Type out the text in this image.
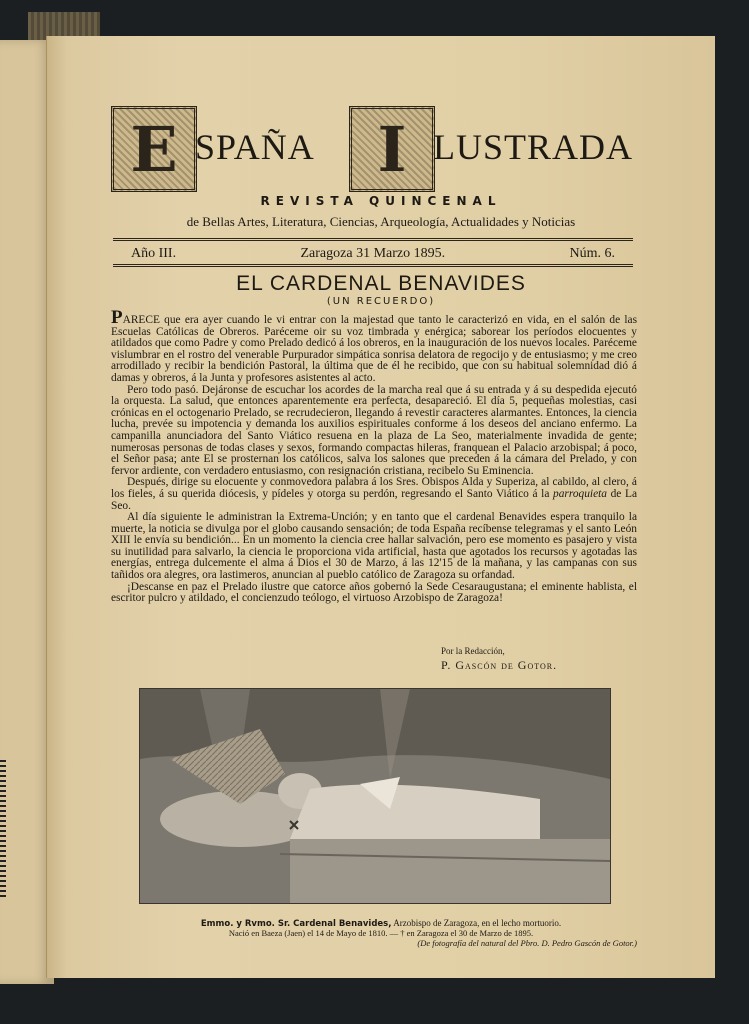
E SPAÑA	I LUSTRADA
REVISTA QUINCENAL
de Bellas Artes, Literatura, Ciencias, Arqueología, Actualidades y Noticias
Año III.	Zaragoza 31 Marzo 1895.	Núm. 6.
EL CARDENAL BENAVIDES
(UN RECUERDO)

PARECE que era ayer cuando le vi entrar con la majestad que tanto le caracterizó en vida, en el salón de las Escuelas Católicas de Obreros. Paréceme oir su voz timbrada y enérgica; saborear los períodos elocuentes y atildados que como Padre y como Prelado dedicó á los obreros, en la inauguración de los nuevos locales. Paréceme vislumbrar en el rostro del venerable Purpurador simpática sonrisa delatora de regocijo y de entusiasmo; y me creo arrodillado y recibir la bendición Pastoral, la última que de él he recibido, que con su habitual solemnidad dió á damas y obreros, á la Junta y profesores asistentes al acto.

Pero todo pasó. Dejáronse de escuchar los acordes de la marcha real que á su entrada y á su despedida ejecutó la orquesta. La salud, que entonces aparentemente era perfecta, desapareció. El día 5, pequeñas molestias, casi crónicas en el octogenario Prelado, se recrudecieron, llegando á revestir caracteres alarmantes. Entonces, la ciencia lucha, prevée su impotencia y demanda los auxilios espirituales conforme á los deseos del anciano enfermo. La campanilla anunciadora del Santo Viático resuena en la plaza de La Seo, materialmente invadida de gente; numerosas personas de todas clases y sexos, formando compactas hileras, franquean el Palacio arzobispal; á poco, el Señor pasa; ante El se prosternan los católicos, salva los salones que preceden á la cámara del Prelado, y con fervor ardiente, con verdadero entusiasmo, con resignación cristiana, recibelo Su Eminencia.

Después, dirige su elocuente y conmovedora palabra á los Sres. Obispos Alda y Superiza, al cabildo, al clero, á los fieles, á su querida diócesis, y pídeles y otorga su perdón, regresando el Santo Viático á la parroquieta de La Seo.

Al día siguiente le administran la Extrema-Unción; y en tanto que el cardenal Benavides espera tranquilo la muerte, la noticia se divulga por el globo causando sensación; de toda España recíbense telegramas y el santo León XIII le envía su bendición... En un momento la ciencia cree hallar salvación, pero ese momento es pasajero y vista su inutilidad para salvarlo, la ciencia le proporciona vida artificial, hasta que agotados los recursos y agotadas las energías, entrega dulcemente el alma á Dios el 30 de Marzo, á las 12'15 de la mañana, y las campanas con sus tañidos ora alegres, ora lastimeros, anuncian al pueblo católico de Zaragoza su orfandad.

¡Descanse en paz el Prelado ilustre que catorce años gobernó la Sede Cesaraugustana; el eminente hablista, el escritor pulcro y atildado, el concienzudo teólogo, el virtuoso Arzobispo de Zaragoza!

Por la Redacción,
P. Gascón de Gotor.
Emmo. y Rvmo. Sr. Cardenal Benavides, Arzobispo de Zaragoza, en el lecho mortuorio.
Nació en Baeza (Jaen) el 14 de Mayo de 1810. — † en Zaragoza el 30 de Marzo de 1895.
(De fotografía del natural del Pbro. D. Pedro Gascón de Gotor.)
